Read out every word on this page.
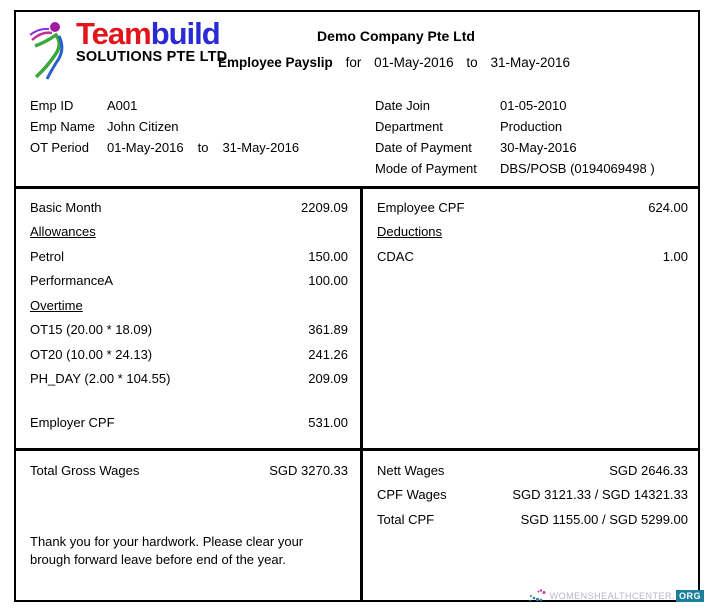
Teambuild
SOLUTIONS PTE LTD
Demo Company Pte Ltd
Employee Payslip for 01-May-2016 to 31-May-2016
Emp ID	A001
Emp Name John Citizen
OT Period	01-May-2016 to 31-May-2016
Date Join	01-05-2010
Department	Production
Date of Payment	30-May-2016
Mode of Payment	DBS/POSB (0194069498 )
Basic Month	2209.09
Allowances
Petrol	150.00
PerformanceA	100.00
Overtime
OT15 (20.00 * 18.09)	361.89
OT20 (10.00 * 24.13)	241.26
PH_DAY (2.00 * 104.55)	209.09
Employer CPF	531.00
Employee CPF	624.00
Deductions
CDAC	1.00
Total Gross Wages	SGD 3270.33
Thank you for your hardwork. Please clear your
brough forward leave before end of the year.
Nett Wages	SGD 2646.33
CPF Wages	SGD 3121.33 / SGD 14321.33
Total CPF	SGD 1155.00 / SGD 5299.00
WOMENSHEALTHCENTER. ORG
